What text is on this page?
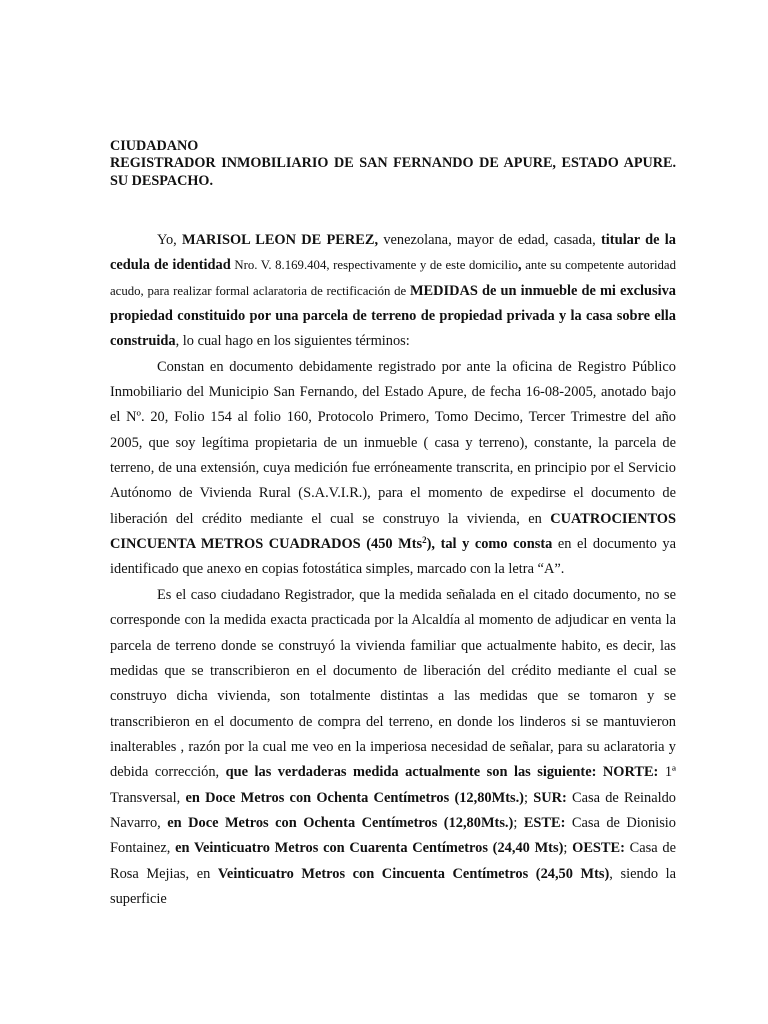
CIUDADANO
REGISTRADOR INMOBILIARIO DE SAN FERNANDO DE APURE, ESTADO APURE.
SU DESPACHO.

Yo, MARISOL LEON DE PEREZ, venezolana, mayor de edad, casada, titular de la cedula de identidad Nro. V. 8.169.404, respectivamente y de este domicilio, ante su competente autoridad acudo, para realizar formal aclaratoria de rectificación de MEDIDAS de un inmueble de mi exclusiva propiedad constituido por una parcela de terreno de propiedad privada y la casa sobre ella construida, lo cual hago en los siguientes términos:

Constan en documento debidamente registrado por ante la oficina de Registro Público Inmobiliario del Municipio San Fernando, del Estado Apure, de fecha 16-08-2005, anotado bajo el Nº. 20, Folio 154 al folio 160, Protocolo Primero, Tomo Decimo, Tercer Trimestre del año 2005, que soy legítima propietaria de un inmueble ( casa y terreno), constante, la parcela de terreno, de una extensión, cuya medición fue erróneamente transcrita, en principio por el Servicio Autónomo de Vivienda Rural (S.A.V.I.R.), para el momento de expedirse el documento de liberación del crédito mediante el cual se construyo la vivienda, en CUATROCIENTOS CINCUENTA METROS CUADRADOS (450 Mts$^2$), tal y como consta en el documento ya identificado que anexo en copias fotostática simples, marcado con la letra “A”.

Es el caso ciudadano Registrador, que la medida señalada en el citado documento, no se corresponde con la medida exacta practicada por la Alcaldía al momento de adjudicar en venta la parcela de terreno donde se construyó la vivienda familiar que actualmente habito, es decir, las medidas que se transcribieron en el documento de liberación del crédito mediante el cual se construyo dicha vivienda, son totalmente distintas a las medidas que se tomaron y se transcribieron en el documento de compra del terreno, en donde los linderos si se mantuvieron inalterables , razón por la cual me veo en la imperiosa necesidad de señalar, para su aclaratoria y debida corrección, que las verdaderas medida actualmente son las siguiente: NORTE: 1ª Transversal, en Doce Metros con Ochenta Centímetros (12,80Mts.); SUR: Casa de Reinaldo Navarro, en Doce Metros con Ochenta Centímetros (12,80Mts.); ESTE: Casa de Dionisio Fontainez, en Veinticuatro Metros con Cuarenta Centímetros (24,40 Mts); OESTE: Casa de Rosa Mejias, en Veinticuatro Metros con Cincuenta Centímetros (24,50 Mts), siendo la superficie
